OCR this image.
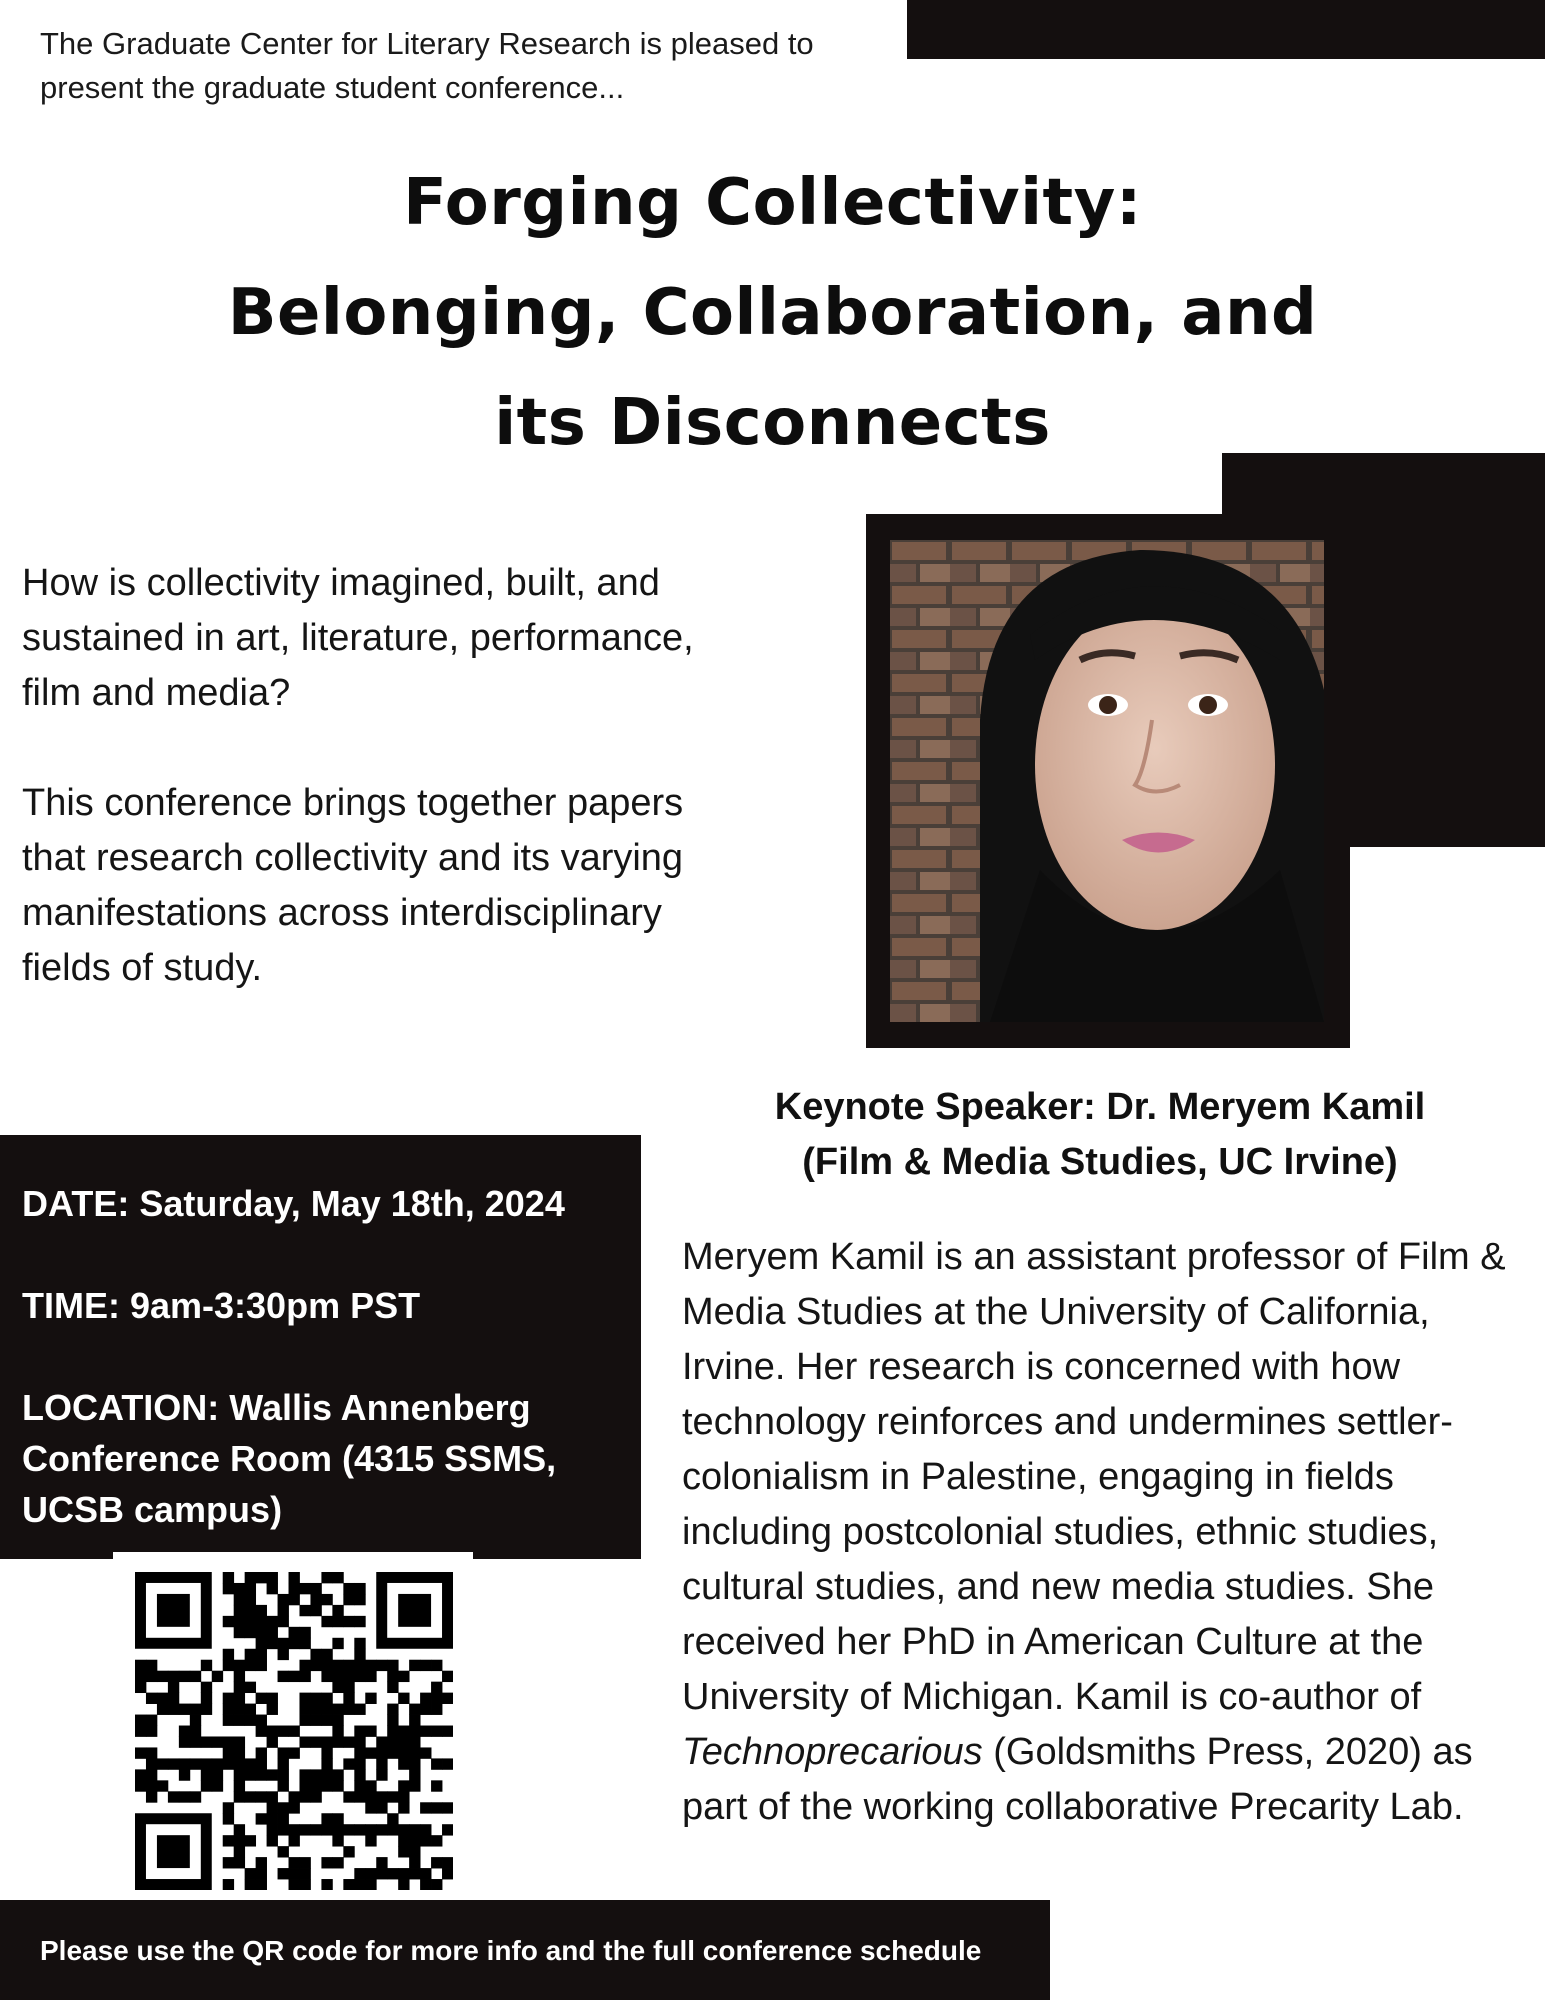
The Graduate Center for Literary Research is pleased to
present the graduate student conference...

Forging Collectivity:
Belonging, Collaboration, and
its Disconnects

How is collectivity imagined, built, and sustained in art, literature, performance, film and media?

This conference brings together papers that research collectivity and its varying manifestations across interdisciplinary fields of study.

Keynote Speaker: Dr. Meryem Kamil
(Film & Media Studies, UC Irvine)

DATE: Saturday, May 18th, 2024

TIME: 9am-3:30pm PST

LOCATION: Wallis Annenberg Conference Room (4315 SSMS, UCSB campus)

Meryem Kamil is an assistant professor of Film & Media Studies at the University of California, Irvine. Her research is concerned with how technology reinforces and undermines settler-colonialism in Palestine, engaging in fields including postcolonial studies, ethnic studies, cultural studies, and new media studies. She received her PhD in American Culture at the University of Michigan. Kamil is co-author of Technoprecarious (Goldsmiths Press, 2020) as part of the working collaborative Precarity Lab.

Please use the QR code for more info and the full conference schedule
